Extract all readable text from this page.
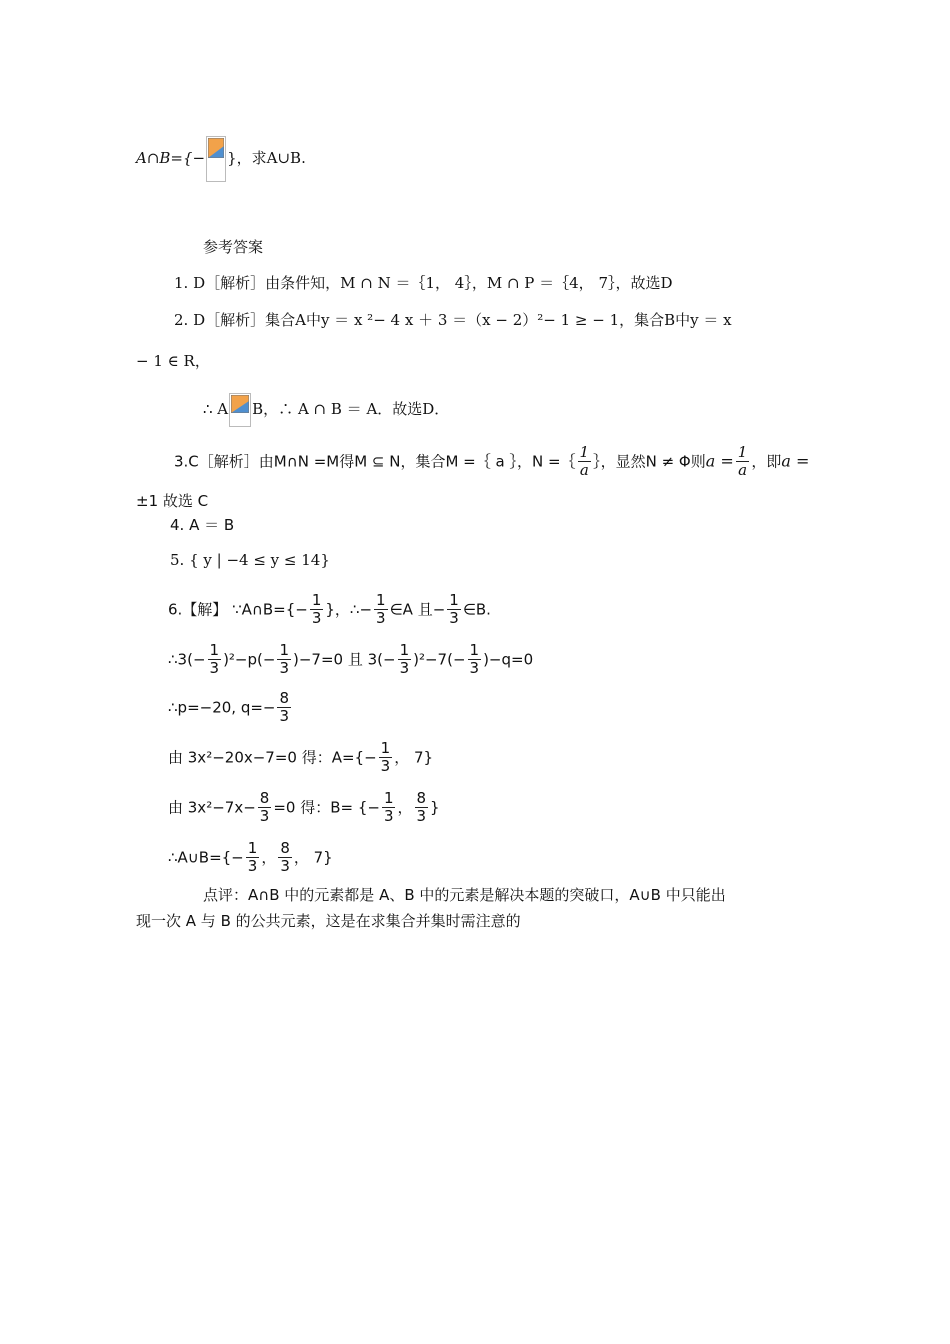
A∩B={− }，求A∪B.
参考答案
1. D［解析］由条件知，M ∩ N ＝｛1， 4｝，M ∩ P ＝｛4， 7｝，故选D
2. D［解析］集合A中y ＝ x ²− 4 x ＋ 3 ＝（x − 2）²− 1 ≥ − 1，集合B中y ＝ x
− 1 ∈ R，
∴ A B，∴ A ∩ B ＝ A．故选D．
3.C［解析］由M∩N =M得M ⊆ N，集合M =｛ a ｝，N =｛ $\frac{1}{a}$ ｝，显然N ≠ Φ则$a = \frac{1}{a}$ ，即a =
±1 故选 C
4. A ＝ B
5. { y | −4 ≤ y ≤ 14}
6.【解】 ∵A∩B={− $\frac{1}{3}$ }，∴− $\frac{1}{3}$ ∈A 且− $\frac{1}{3}$ ∈B.
∴3(− $\frac{1}{3} )^2-p(- \frac{1}{3} )-7=0$ 且 $3(- \frac{1}{3} )^2-7(- \frac{1}{3} )-q=0$
∴p=−20, $q=- \frac{8}{3}$
由 3x²−20x−7=0 得：$A=\{- \frac{1}{3}$ ， 7}
由 $3x^2-7x- \frac{8}{3} =0$ 得：B= {− $\frac{1}{3}$ ， $\frac{8}{3}$ }
∴A∪B={− $\frac{1}{3}$ ， $\frac{8}{3}$ ， 7}
点评：A∩B 中的元素都是 A、B 中的元素是解决本题的突破口，A∪B 中只能出
现一次 A 与 B 的公共元素，这是在求集合并集时需注意的
